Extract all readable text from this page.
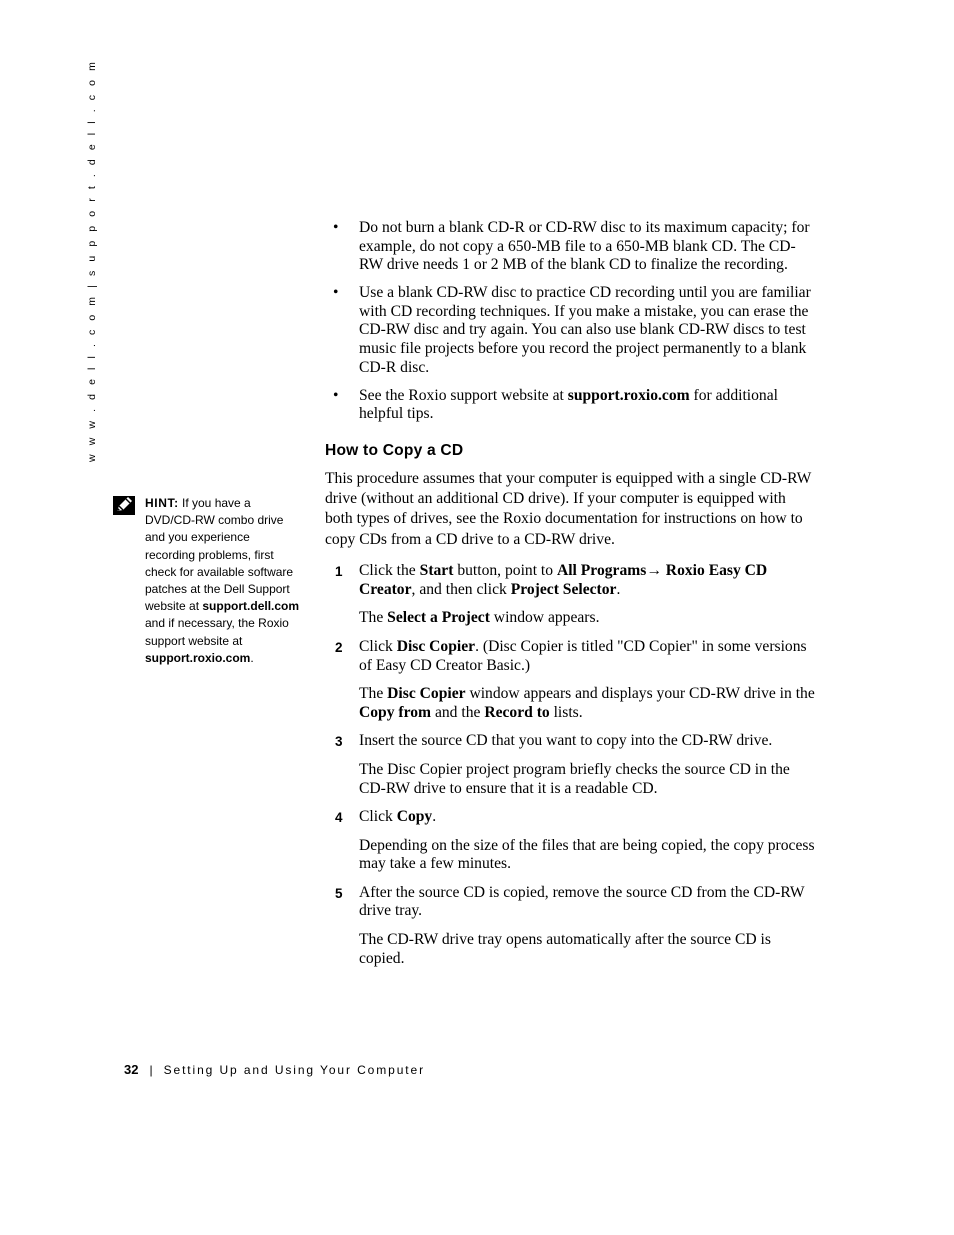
w w w . d e l l . c o m | s u p p o r t . d e l l . c o m	• Do not burn a blank CD-R or CD-RW disc to its maximum capacity; for example, do not copy a 650-MB file to a 650-MB blank CD. The CD-RW drive needs 1 or 2 MB of the blank CD to finalize the recording.
• Use a blank CD-RW disc to practice CD recording until you are familiar with CD recording techniques. If you make a mistake, you can erase the CD-RW disc and try again. You can also use blank CD-RW discs to test music file projects before you record the project permanently to a blank CD-R disc.
• See the Roxio support website at support.roxio.com for additional helpful tips.
How to Copy a CD

This procedure assumes that your computer is equipped with a single CD-RW drive (without an additional CD drive). If your computer is equipped with both types of drives, see the Roxio documentation for instructions on how to copy CDs from a CD drive to a CD-RW drive.

1 Click the Start button, point to All Programs→ Roxio Easy CD Creator, and then click Project Selector.
The Select a Project window appears.
2 Click Disc Copier. (Disc Copier is titled "CD Copier" in some versions of Easy CD Creator Basic.)
The Disc Copier window appears and displays your CD-RW drive in the Copy from and the Record to lists.
3 Insert the source CD that you want to copy into the CD-RW drive.
The Disc Copier project program briefly checks the source CD in the CD-RW drive to ensure that it is a readable CD.
4 Click Copy.
Depending on the size of the files that are being copied, the copy process may take a few minutes.
5 After the source CD is copied, remove the source CD from the CD-RW drive tray.
The CD-RW drive tray opens automatically after the source CD is copied.
HINT: If you have a DVD/CD-RW combo drive and you experience recording problems, first check for available software patches at the Dell Support website at support.dell.com and if necessary, the Roxio support website at support.roxio.com.
32 | Setting Up and Using Your Computer
